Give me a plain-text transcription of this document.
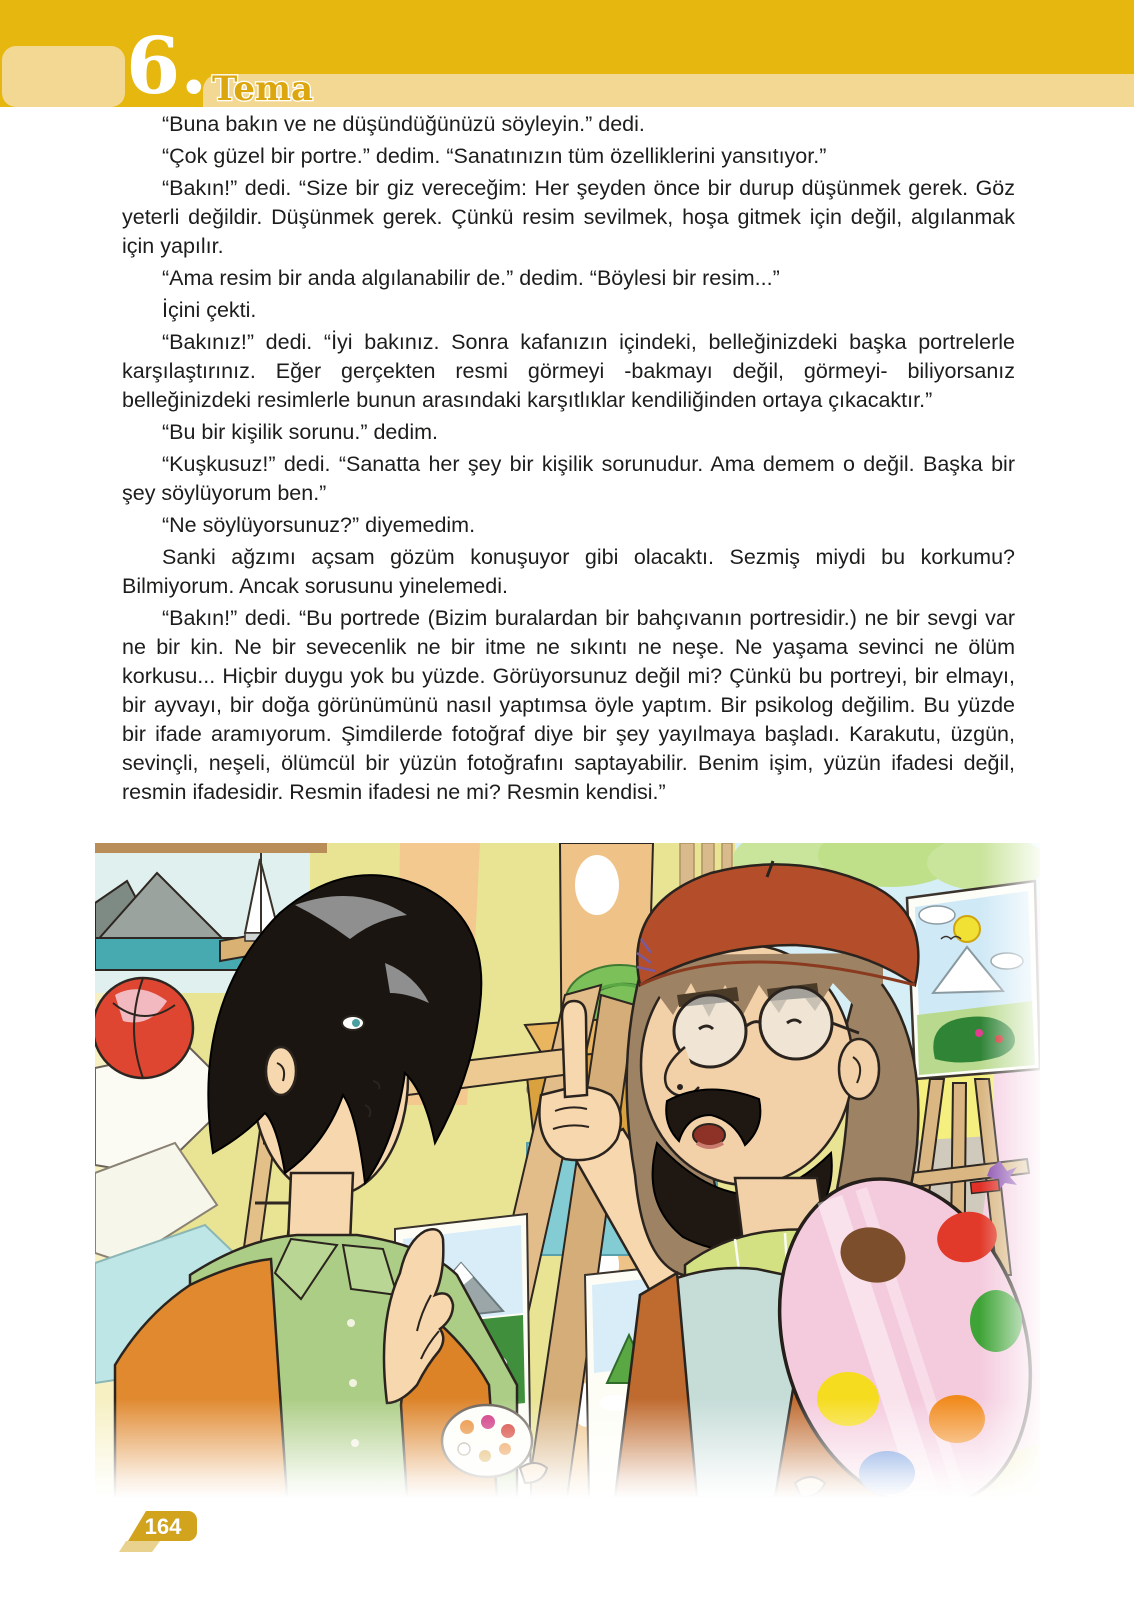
6. Tema

“Buna bakın ve ne düşündüğünüzü söyleyin.” dedi.

“Çok güzel bir portre.” dedim. “Sanatınızın tüm özelliklerini yansıtıyor.”

“Bakın!” dedi. “Size bir giz vereceğim: Her şeyden önce bir durup düşünmek gerek. Göz yeterli değildir. Düşünmek gerek. Çünkü resim sevilmek, hoşa gitmek için değil, algılanmak için yapılır.

“Ama resim bir anda algılanabilir de.” dedim. “Böylesi bir resim...”

İçini çekti.

“Bakınız!” dedi. “İyi bakınız. Sonra kafanızın içindeki, belleğinizdeki başka portrelerle karşılaştırınız. Eğer gerçekten resmi görmeyi -bakmayı değil, görmeyi- biliyorsanız belleğinizdeki resimlerle bunun arasındaki karşıtlıklar kendiliğinden ortaya çıkacaktır.”

“Bu bir kişilik sorunu.” dedim.

“Kuşkusuz!” dedi. “Sanatta her şey bir kişilik sorunudur. Ama demem o değil. Başka bir şey söylüyorum ben.”

“Ne söylüyorsunuz?” diyemedim.

Sanki ağzımı açsam gözüm konuşuyor gibi olacaktı. Sezmiş miydi bu korkumu? Bilmiyorum. Ancak sorusunu yinelemedi.

“Bakın!” dedi. “Bu portrede (Bizim buralardan bir bahçıvanın portresidir.) ne bir sevgi var ne bir kin. Ne bir sevecenlik ne bir itme ne sıkıntı ne neşe. Ne yaşama sevinci ne ölüm korkusu... Hiçbir duygu yok bu yüzde. Görüyorsunuz değil mi? Çünkü bu portreyi, bir elmayı, bir ayvayı, bir doğa görünümünü nasıl yaptımsa öyle yaptım. Bir psikolog değilim. Bu yüzde bir ifade aramıyorum. Şimdilerde fotoğraf diye bir şey yayılmaya başladı. Karakutu, üzgün, sevinçli, neşeli, ölümcül bir yüzün fotoğrafını saptayabilir. Benim işim, yüzün ifadesi değil, resmin ifadesidir. Resmin ifadesi ne mi? Resmin kendisi.”

164
